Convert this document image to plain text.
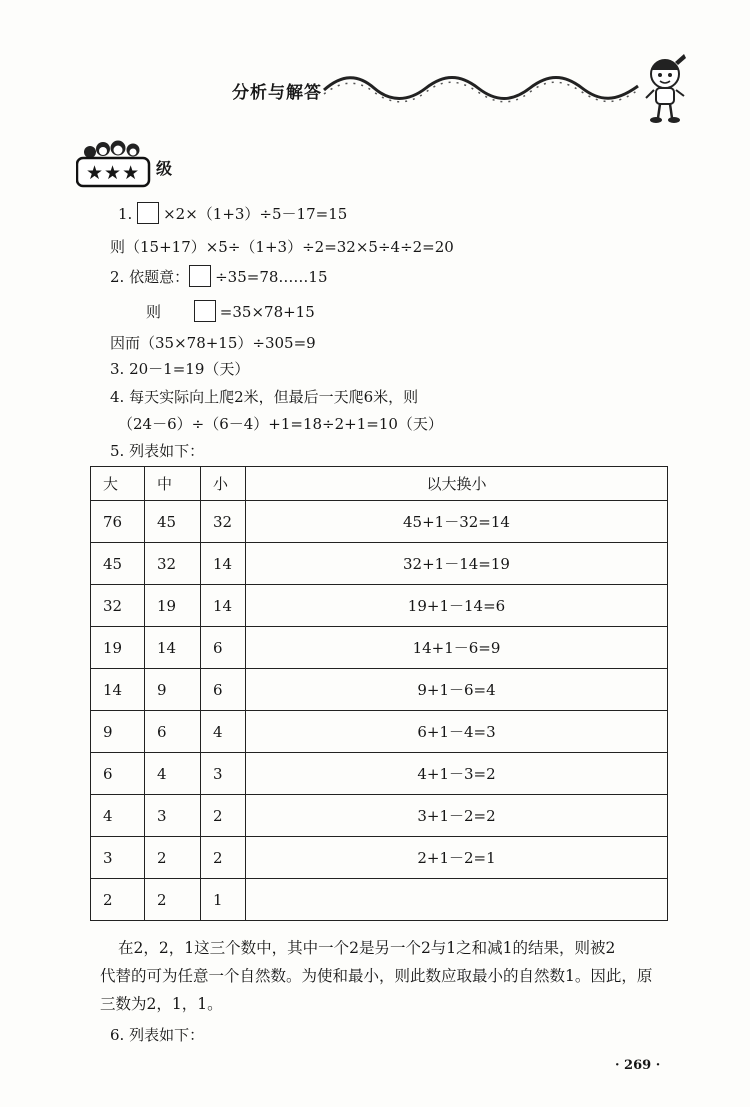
分析与解答
★★★ 级
1. ×2×（1+3）÷5－17=15
则（15+17）×5÷（1+3）÷2=32×5÷4÷2=20
2. 依题意： ÷35=78……15
则	=35×78+15
因而（35×78+15）÷305=9
3. 20－1=19（天）
4. 每天实际向上爬2米，但最后一天爬6米，则
（24－6）÷（6－4）+1=18÷2+1=10（天）
5. 列表如下：
大	中	小	以大换小
76	45	32	45+1－32=14
45	32	14	32+1－14=19
32	19	14	19+1－14=6
19	14	6	14+1－6=9
14	9	6	9+1－6=4
9	6	4	6+1－4=3
6	4	3	4+1－3=2
4	3	2	3+1－2=2
3	2	2	2+1－2=1
2	2	1	
在2，2，1这三个数中，其中一个2是另一个2与1之和减1的结果，则被2
代替的可为任意一个自然数。为使和最小，则此数应取最小的自然数1。因此，原
三数为2，1，1。
6. 列表如下：
· 269 ·
